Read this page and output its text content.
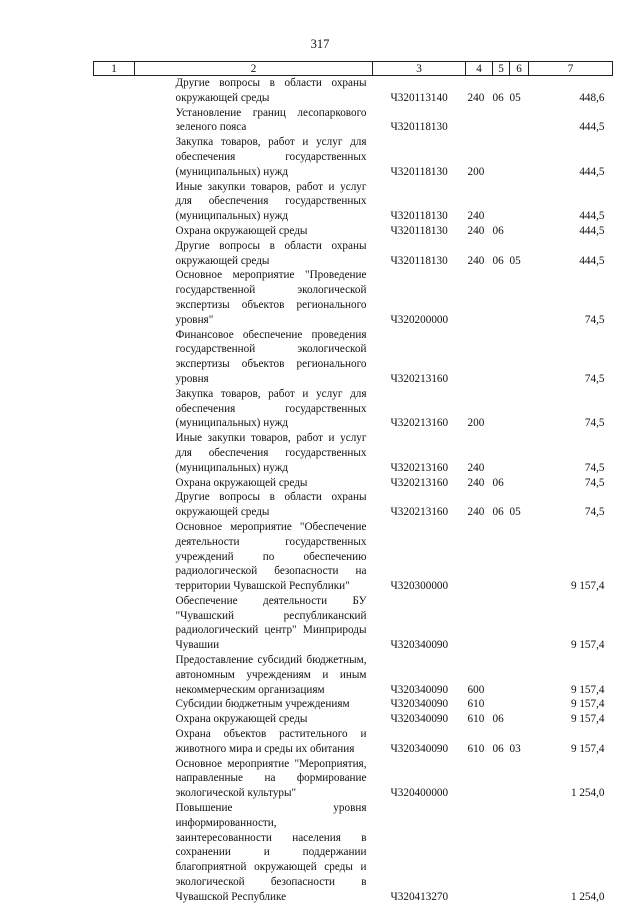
317
1	2	3	4	5	6	7
	Другие вопросы в области охраны окружающей среды	Ч320113140	240	06	05	448,6
	Установление границ лесопаркового зеленого пояса	Ч320118130				444,5
	Закупка товаров, работ и услуг для обеспечения государственных (муниципальных) нужд	Ч320118130	200			444,5
	Иные закупки товаров, работ и услуг для обеспечения государственных (муниципальных) нужд	Ч320118130	240			444,5
	Охрана окружающей среды	Ч320118130	240	06		444,5
	Другие вопросы в области охраны окружающей среды	Ч320118130	240	06	05	444,5
	Основное мероприятие "Проведение государственной экологической экспертизы объектов регионального уровня"	Ч320200000				74,5
	Финансовое обеспечение проведения государственной экологической экспертизы объектов регионального уровня	Ч320213160				74,5
	Закупка товаров, работ и услуг для обеспечения государственных (муниципальных) нужд	Ч320213160	200			74,5
	Иные закупки товаров, работ и услуг для обеспечения государственных (муниципальных) нужд	Ч320213160	240			74,5
	Охрана окружающей среды	Ч320213160	240	06		74,5
	Другие вопросы в области охраны окружающей среды	Ч320213160	240	06	05	74,5
	Основное мероприятие "Обеспечение деятельности государственных учреждений по обеспечению радиологической безопасности на территории Чувашской Республики"	Ч320300000				9 157,4
	Обеспечение деятельности БУ "Чувашский республиканский радиологический центр" Минприроды Чувашии	Ч320340090				9 157,4
	Предоставление субсидий бюджетным, автономным учреждениям и иным некоммерческим организациям	Ч320340090	600			9 157,4
	Субсидии бюджетным учреждениям	Ч320340090	610			9 157,4
	Охрана окружающей среды	Ч320340090	610	06		9 157,4
	Охрана объектов растительного и животного мира и среды их обитания	Ч320340090	610	06	03	9 157,4
	Основное мероприятие "Мероприятия, направленные на формирование экологической культуры"	Ч320400000				1 254,0
	Повышение уровня информированности, заинтересованности населения в сохранении и поддержании благоприятной окружающей среды и экологической безопасности в Чувашской Республике	Ч320413270				1 254,0
